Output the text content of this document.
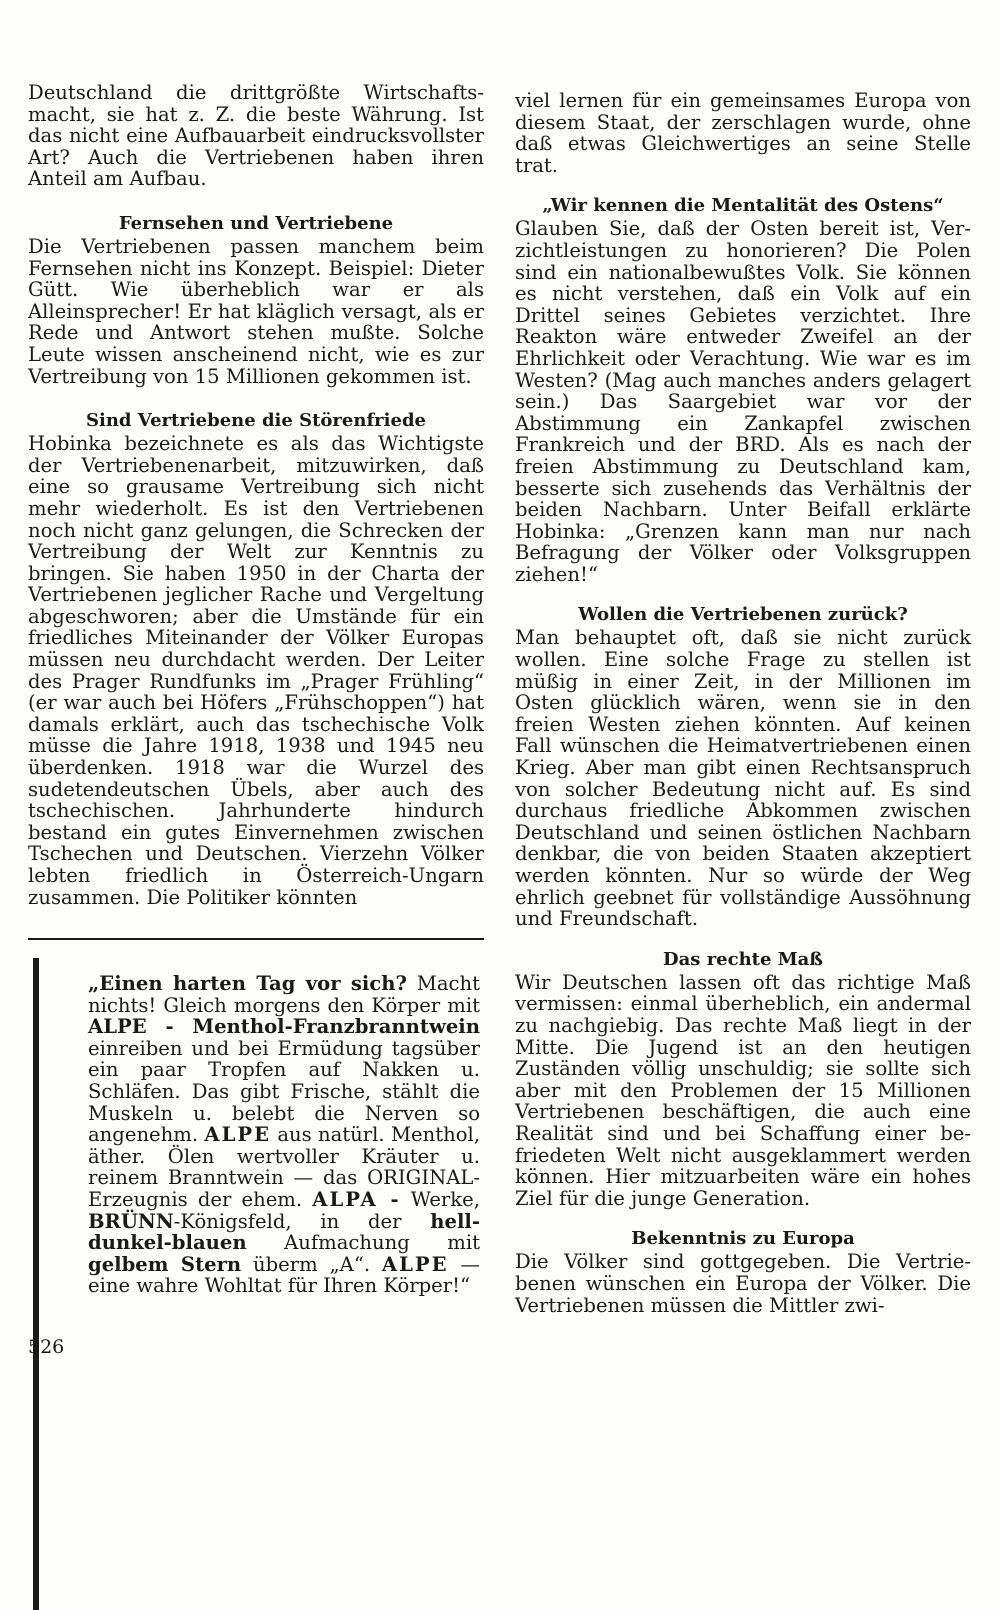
Deutschland die drittgrößte Wirtschaftsmacht, sie hat z. Z. die beste Währung. Ist das nicht eine Aufbauarbeit eindrucksvollster Art? Auch die Vertriebenen haben ihren Anteil am Aufbau.

Fernsehen und Vertriebene

Die Vertriebenen passen manchem beim Fernsehen nicht ins Konzept. Beispiel: Dieter Gütt. Wie überheblich war er als Alleinsprecher! Er hat kläglich versagt, als er Rede und Antwort stehen mußte. Solche Leute wissen anscheinend nicht, wie es zur Vertreibung von 15 Millionen gekommen ist.

Sind Vertriebene die Störenfriede

Hobinka bezeichnete es als das Wichtigste der Vertriebenenarbeit, mitzuwirken, daß eine so grausame Vertreibung sich nicht mehr wiederholt. Es ist den Vertriebenen noch nicht ganz gelungen, die Schrecken der Vertreibung der Welt zur Kenntnis zu bringen. Sie haben 1950 in der Charta der Vertriebenen jeglicher Rache und Vergeltung abgeschworen; aber die Umstände für ein friedliches Miteinander der Völker Europas müssen neu durchdacht werden. Der Leiter des Prager Rundfunks im „Prager Frühling“ (er war auch bei Höfers „Frühschoppen“) hat damals erklärt, auch das tschechische Volk müsse die Jahre 1918, 1938 und 1945 neu überdenken. 1918 war die Wurzel des sudetendeutschen Übels, aber auch des tschechischen. Jahrhunderte hindurch bestand ein gutes Einvernehmen zwischen Tschechen und Deutschen. Vierzehn Völker lebten friedlich in Österreich-Ungarn zusammen. Die Politiker könnten

„Einen harten Tag vor sich? Macht nichts! Gleich morgens den Körper mit ALPE - Menthol-Franzbranntwein einreiben und bei Ermüdung tagsüber ein paar Tropfen auf Nakken u. Schläfen. Das gibt Frische, stählt die Muskeln u. belebt die Nerven so angenehm. ALPE aus natürl. Menthol, äther. Ölen wertvoller Kräuter u. reinem Branntwein — das ORIGINAL-Erzeugnis der ehem. ALPA - Werke, BRÜNN-Königsfeld, in der hell-dunkel-blauen Aufmachung mit gelbem Stern überm „A“. ALPE — eine wahre Wohltat für Ihren Körper!“

viel lernen für ein gemeinsames Europa von diesem Staat, der zerschlagen wurde, ohne daß etwas Gleichwertiges an seine Stelle trat.

„Wir kennen die Mentalität des Ostens“

Glauben Sie, daß der Osten bereit ist, Verzichtleistungen zu honorieren? Die Polen sind ein nationalbewußtes Volk. Sie können es nicht verstehen, daß ein Volk auf ein Drittel seines Gebietes verzichtet. Ihre Reakton wäre entweder Zweifel an der Ehrlichkeit oder Verachtung. Wie war es im Westen? (Mag auch manches anders gelagert sein.) Das Saargebiet war vor der Abstimmung ein Zankapfel zwischen Frankreich und der BRD. Als es nach der freien Abstimmung zu Deutschland kam, besserte sich zusehends das Verhältnis der beiden Nachbarn. Unter Beifall erklärte Hobinka: „Grenzen kann man nur nach Befragung der Völker oder Volksgruppen ziehen!“

Wollen die Vertriebenen zurück?

Man behauptet oft, daß sie nicht zurück wollen. Eine solche Frage zu stellen ist müßig in einer Zeit, in der Millionen im Osten glücklich wären, wenn sie in den freien Westen ziehen könnten. Auf keinen Fall wünschen die Heimatvertriebenen einen Krieg. Aber man gibt einen Rechtsanspruch von solcher Bedeutung nicht auf. Es sind durchaus friedliche Abkommen zwischen Deutschland und seinen östlichen Nachbarn denkbar, die von beiden Staaten akzeptiert werden könnten. Nur so würde der Weg ehrlich geebnet für vollständige Aussöhnung und Freundschaft.

Das rechte Maß

Wir Deutschen lassen oft das richtige Maß vermissen: einmal überheblich, ein andermal zu nachgiebig. Das rechte Maß liegt in der Mitte. Die Jugend ist an den heutigen Zuständen völlig unschuldig; sie sollte sich aber mit den Problemen der 15 Millionen Vertriebenen beschäftigen, die auch eine Realität sind und bei Schaffung einer befriedeten Welt nicht ausgeklammert werden können. Hier mitzuarbeiten wäre ein hohes Ziel für die junge Generation.

Bekenntnis zu Europa

Die Völker sind gottgegeben. Die Vertriebenen wünschen ein Europa der Völker. Die Vertriebenen müssen die Mittler zwi-

526
